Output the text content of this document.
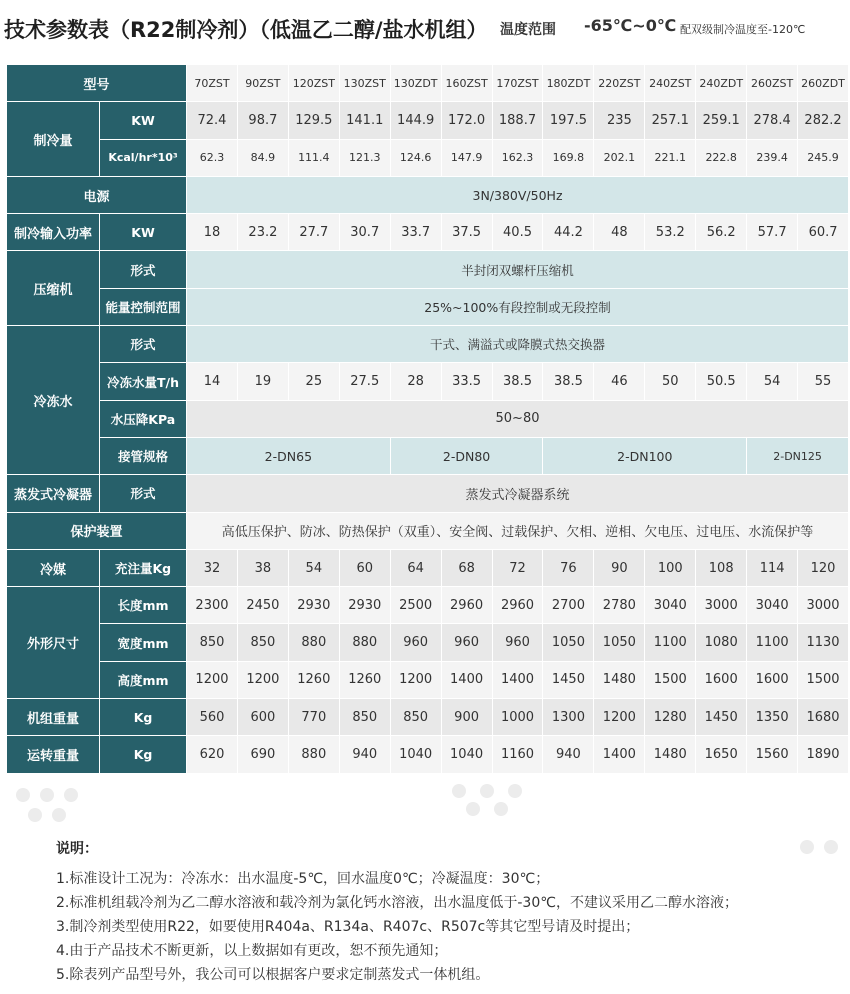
技术参数表（R22制冷剂）（低温乙二醇/盐水机组） 温度范围 -65℃~0℃ 配双级制冷温度至-120℃
型号		70ZST	90ZST	120ZST	130ZST	130ZDT	160ZST	170ZST	180ZDT	220ZST	240ZST	240ZDT	260ZST	260ZDT
制冷量	KW	72.4	98.7	129.5	141.1	144.9	172.0	188.7	197.5	235	257.1	259.1	278.4	282.2
	Kcal/hr*10³	62.3	84.9	111.4	121.3	124.6	147.9	162.3	169.8	202.1	221.1	222.8	239.4	245.9
电源		3N/380V/50Hz												
制冷输入功率	KW	18	23.2	27.7	30.7	33.7	37.5	40.5	44.2	48	53.2	56.2	57.7	60.7
压缩机	形式	半封闭双螺杆压缩机												
	能量控制范围	25%~100%有段控制或无段控制												
冷冻水	形式	干式、满溢式或降膜式热交换器												
	冷冻水量T/h	14	19	25	27.5	28	33.5	38.5	38.5	46	50	50.5	54	55
	水压降KPa	50~80												
	接管规格	2-DN65				2-DN80			2-DN100				2-DN125	
蒸发式冷凝器	形式	蒸发式冷凝器系统												
保护装置		高低压保护、防冰、防热保护（双重）、安全阀、过载保护、欠相、逆相、欠电压、过电压、水流保护等												
冷媒	充注量Kg	32	38	54	60	64	68	72	76	90	100	108	114	120
外形尺寸	长度mm	2300	2450	2930	2930	2500	2960	2960	2700	2780	3040	3000	3040	3000
	宽度mm	850	850	880	880	960	960	960	1050	1050	1100	1080	1100	1130
	高度mm	1200	1200	1260	1260	1200	1400	1400	1450	1480	1500	1600	1600	1500
机组重量	Kg	560	600	770	850	850	900	1000	1300	1200	1280	1450	1350	1680
运转重量	Kg	620	690	880	940	1040	1040	1160	940	1400	1480	1650	1560	1890
说明：
1.标准设计工况为：冷冻水：出水温度-5℃，回水温度0℃；冷凝温度：30℃；
2.标准机组载冷剂为乙二醇水溶液和载冷剂为氯化钙水溶液，出水温度低于-30℃，不建议采用乙二醇水溶液；
3.制冷剂类型使用R22，如要使用R404a、R134a、R407c、R507c等其它型号请及时提出；
4.由于产品技术不断更新，以上数据如有更改，恕不预先通知；
5.除表列产品型号外，我公司可以根据客户要求定制蒸发式一体机组。
